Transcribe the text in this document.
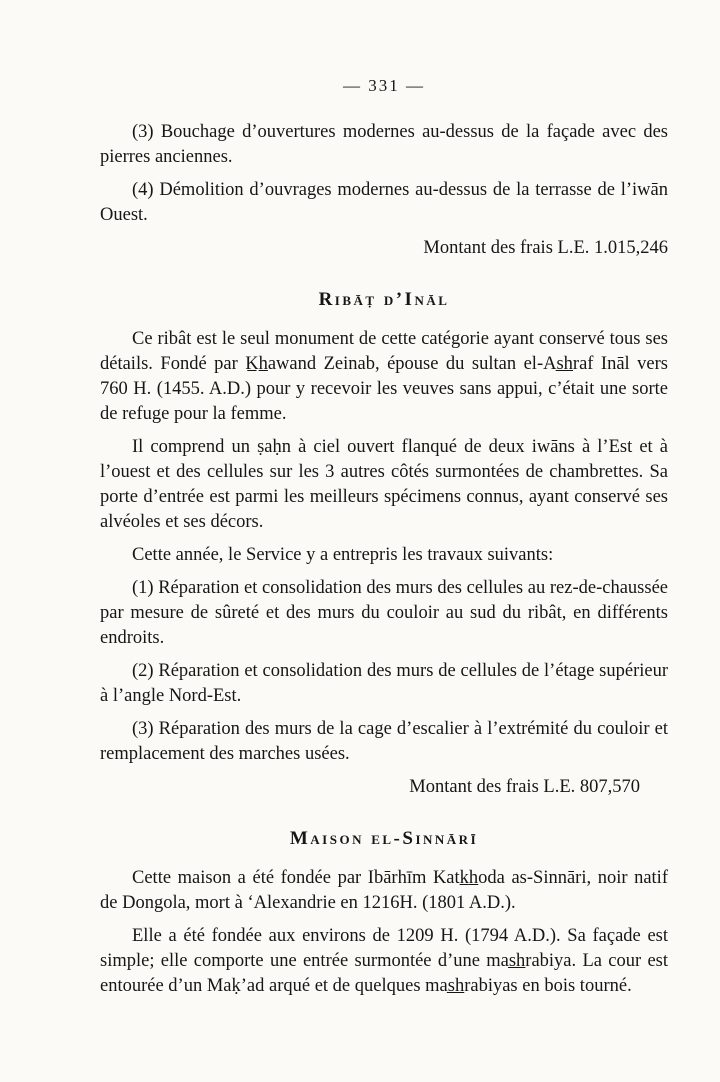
— 331 —

(3) Bouchage d’ouvertures modernes au-dessus de la façade avec des pierres anciennes.

(4) Démolition d’ouvrages modernes au-dessus de la terrasse de l’iwān Ouest.

Montant des frais L.E. 1.015,246
Ribāṭ d’Ināl

Ce ribât est le seul monument de cette catégorie ayant conservé tous ses détails. Fondé par K̲h̲awand Zeinab, épouse du sultan el-As̲h̲raf Ināl vers 760 H. (1455. A.D.) pour y recevoir les veuves sans appui, c’était une sorte de refuge pour la femme.

Il comprend un ṣaḥn à ciel ouvert flanqué de deux iwāns à l’Est et à l’ouest et des cellules sur les 3 autres côtés surmontées de chambrettes. Sa porte d’entrée est parmi les meilleurs spécimens connus, ayant conservé ses alvéoles et ses décors.

Cette année, le Service y a entrepris les travaux suivants:

(1) Réparation et consolidation des murs des cellules au rez-de-chaussée par mesure de sûreté et des murs du couloir au sud du ribât, en différents endroits.

(2) Réparation et consolidation des murs de cellules de l’étage supérieur à l’angle Nord-Est.

(3) Réparation des murs de la cage d’escalier à l’extrémité du couloir et remplacement des marches usées.

Montant des frais L.E. 807,570
Maison el-Sinnārī

Cette maison a été fondée par Ibārhīm Katk̲h̲oda as-Sinnāri, noir natif de Dongola, mort à ‘Alexandrie en 1216H. (1801 A.D.).

Elle a été fondée aux environs de 1209 H. (1794 A.D.). Sa façade est simple; elle comporte une entrée surmontée d’une mas̲h̲rabiya. La cour est entourée d’un Maḳ’ad arqué et de quelques mas̲h̲rabiyas en bois tourné.
